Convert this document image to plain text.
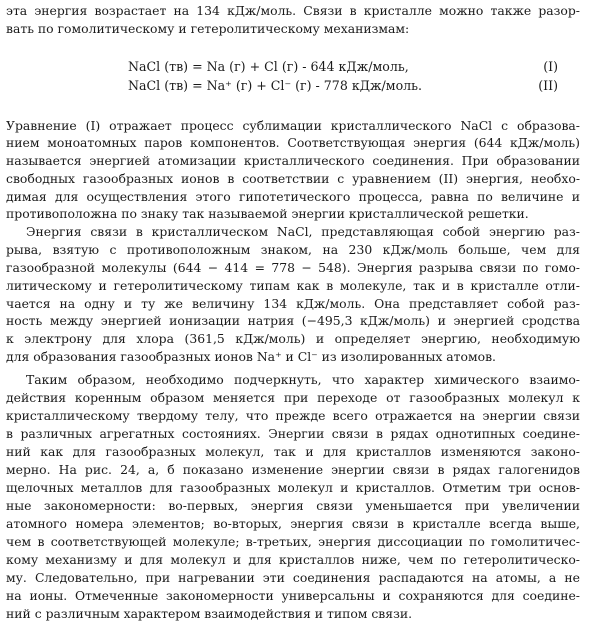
эта энергия возрастает на 134 кДж/моль. Связи в кристалле можно также разор-
вать по гомолитическому и гетеролитическому механизмам:
NaCl (тв) = Na (г) + Cl (г) - 644 кДж/моль,	(I)
NaCl (тв) = Na⁺ (г) + Cl⁻ (г) - 778 кДж/моль.	(II)
Уравнение (I) отражает процесс сублимации кристаллического NaCl с образова-
нием моноатомных паров компонентов. Соответствующая энергия (644 кДж/моль)
называется энергией атомизации кристаллического соединения. При образовании
свободных газообразных ионов в соответствии с уравнением (II) энергия, необхо-
димая для осуществления этого гипотетического процесса, равна по величине и
противоположна по знаку так называемой энергии кристаллической решетки.
Энергия связи в кристаллическом NaCl, представляющая собой энергию раз-
рыва, взятую с противоположным знаком, на 230 кДж/моль больше, чем для
газообразной молекулы (644 − 414 = 778 − 548). Энергия разрыва связи по гомо-
литическому и гетеролитическому типам как в молекуле, так и в кристалле отли-
чается на одну и ту же величину 134 кДж/моль. Она представляет собой раз-
ность между энергией ионизации натрия (−495,3 кДж/моль) и энергией сродства
к электрону для хлора (361,5 кДж/моль) и определяет энергию, необходимую
для образования газообразных ионов Na⁺ и Cl⁻ из изолированных атомов.
Таким образом, необходимо подчеркнуть, что характер химического взаимо-
действия коренным образом меняется при переходе от газообразных молекул к
кристаллическому твердому телу, что прежде всего отражается на энергии связи
в различных агрегатных состояниях. Энергии связи в рядах однотипных соедине-
ний как для газообразных молекул, так и для кристаллов изменяются законо-
мерно. На рис. 24, а, б показано изменение энергии связи в рядах галогенидов
щелочных металлов для газообразных молекул и кристаллов. Отметим три основ-
ные закономерности: во-первых, энергия связи уменьшается при увеличении
атомного номера элементов; во-вторых, энергия связи в кристалле всегда выше,
чем в соответствующей молекуле; в-третьих, энергия диссоциации по гомолитичес-
кому механизму и для молекул и для кристаллов ниже, чем по гетеролитическо-
му. Следовательно, при нагревании эти соединения распадаются на атомы, а не
на ионы. Отмеченные закономерности универсальны и сохраняются для соедине-
ний с различным характером взаимодействия и типом связи.
